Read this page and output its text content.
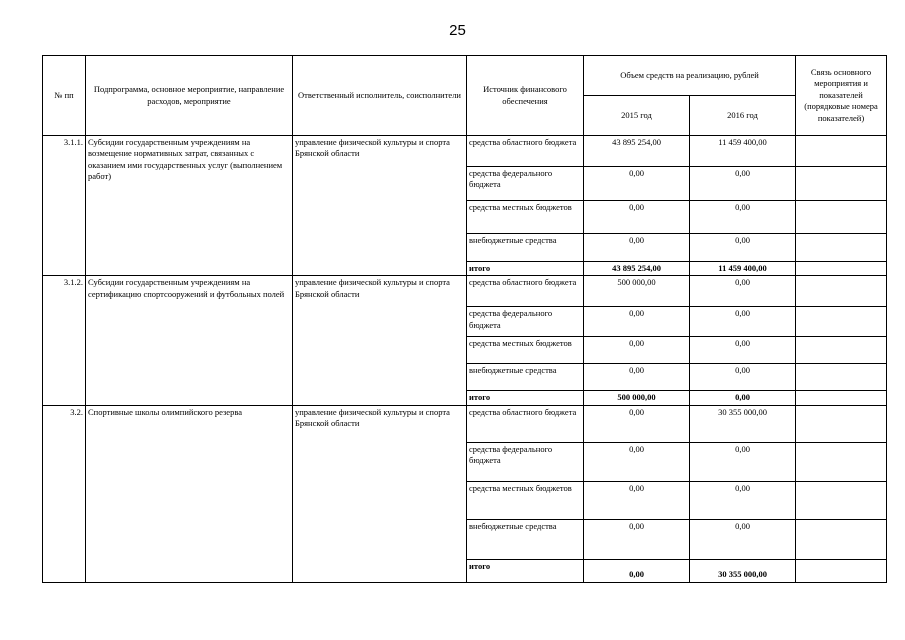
25
№ пп	Подпрограмма, основное мероприятие, направление расходов, мероприятие	Ответственный исполнитель, соисполнители	Источник финансового обеспечения	Объем средств на реализацию, рублей		Связь основного мероприятия и показателей (порядковые номера показателей)
				2015 год	2016 год	
3.1.1.	Субсидии государственным учреждениям на возмещение нормативных затрат, связанных с оказанием ими государственных услуг (выполнением работ)	управление физической культуры и спорта Брянской области	средства областного бюджета	43 895 254,00	11 459 400,00	
			средства федерального бюджета	0,00	0,00	
			средства местных бюджетов	0,00	0,00	
			внебюджетные средства	0,00	0,00	
			итого	43 895 254,00	11 459 400,00	
3.1.2.	Субсидии государственным учреждениям на сертификацию спортсооружений и футбольных полей	управление физической культуры и спорта Брянской области	средства областного бюджета	500 000,00	0,00	
			средства федерального бюджета	0,00	0,00	
			средства местных бюджетов	0,00	0,00	
			внебюджетные средства	0,00	0,00	
			итого	500 000,00	0,00	
3.2.	Спортивные школы олимпийского резерва	управление физической культуры и спорта Брянской области	средства областного бюджета	0,00	30 355 000,00	
			средства федерального бюджета	0,00	0,00	
			средства местных бюджетов	0,00	0,00	
			внебюджетные средства	0,00	0,00	
			итого	0,00	30 355 000,00	
